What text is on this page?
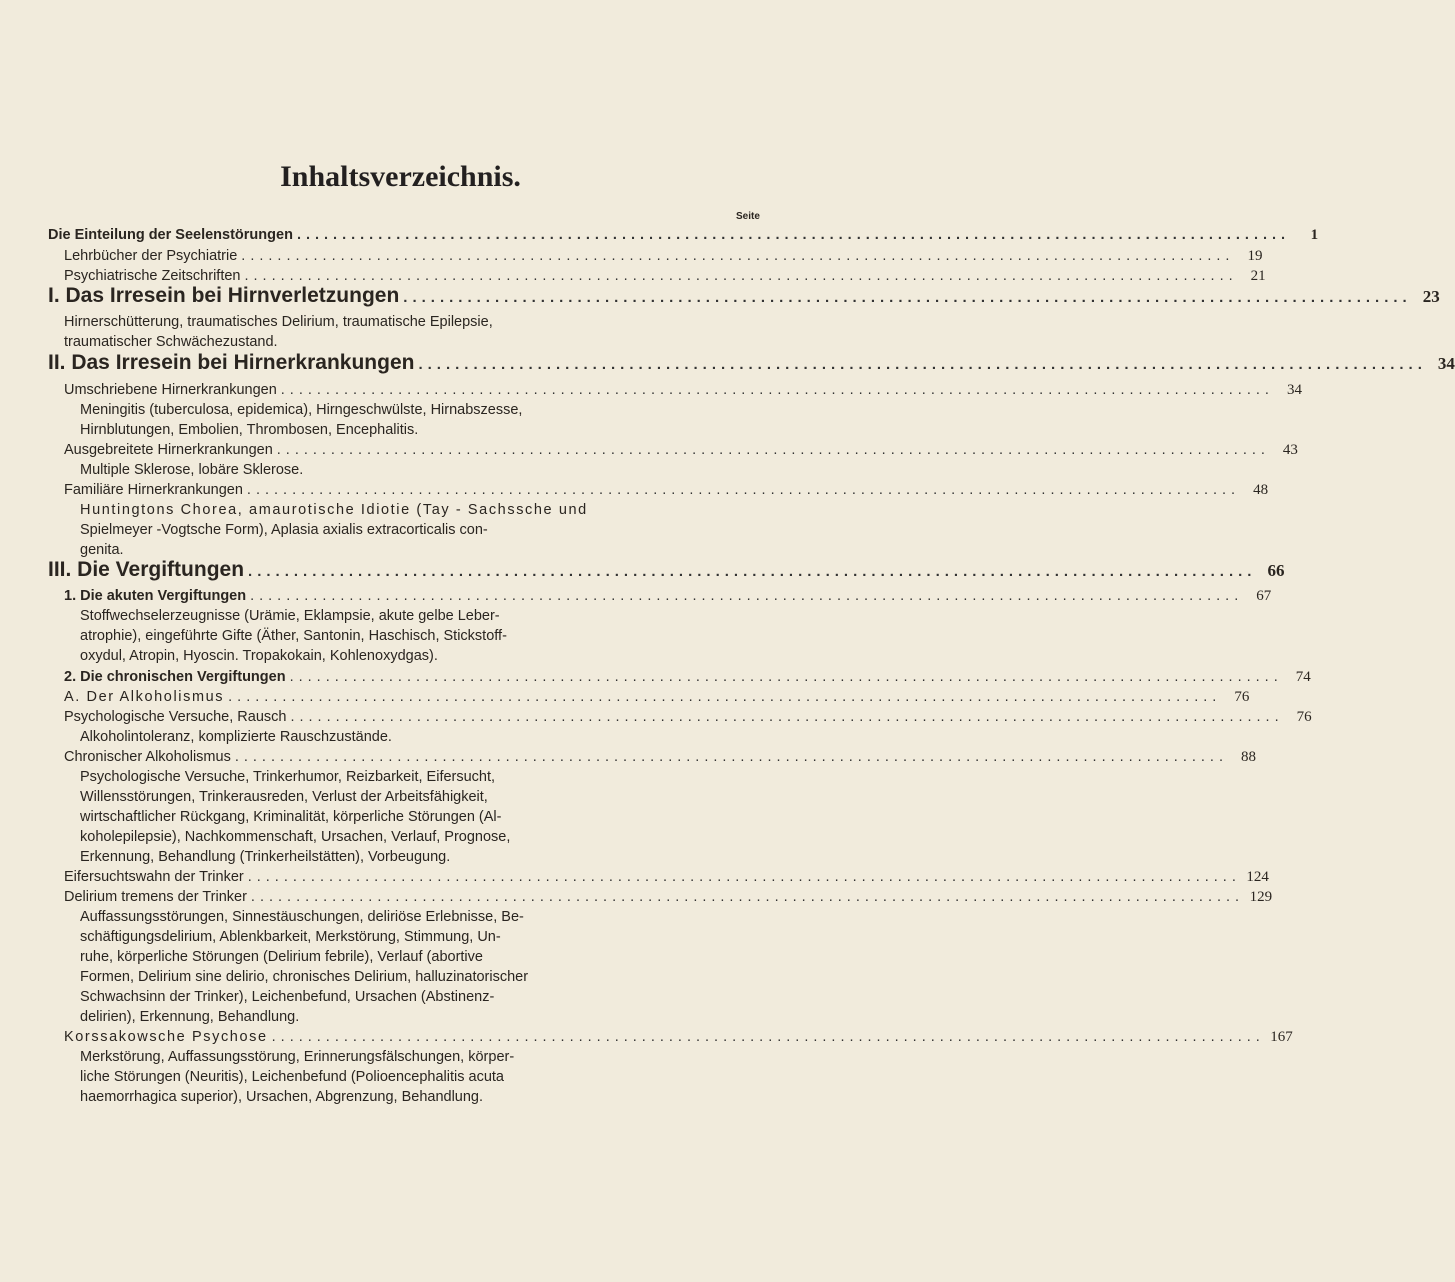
Inhaltsverzeichnis.
Seite
Die Einteilung der Seelenstörungen ..............................................................................................................	1
Lehrbücher der Psychiatrie .............................................................................................................. 19
Psychiatrische Zeitschriften .............................................................................................................. 21
I. Das Irresein bei Hirnverletzungen .............................................................................................................. 23
Hirnerschütterung, traumatisches Delirium, traumatische Epilepsie,
traumatischer Schwächezustand.
II. Das Irresein bei Hirnerkrankungen .............................................................................................................. 34
Umschriebene Hirnerkrankungen .............................................................................................................. 34
Meningitis (tuberculosa, epidemica), Hirngeschwülste, Hirnabszesse,
Hirnblutungen, Embolien, Thrombosen, Encephalitis.
Ausgebreitete Hirnerkrankungen .............................................................................................................. 43
Multiple Sklerose, lobäre Sklerose.
Familiäre Hirnerkrankungen .............................................................................................................. 48
Huntingtons Chorea, amaurotische Idiotie (Tay - Sachssche und
Spielmeyer -Vogtsche Form), Aplasia axialis extracorticalis con-
genita.
III. Die Vergiftungen .............................................................................................................. 66
1. Die akuten Vergiftungen .............................................................................................................. 67
Stoffwechselerzeugnisse (Urämie, Eklampsie, akute gelbe Leber-
atrophie), eingeführte Gifte (Äther, Santonin, Haschisch, Stickstoff-
oxydul, Atropin, Hyoscin. Tropakokain, Kohlenoxydgas).
2. Die chronischen Vergiftungen .............................................................................................................. 74
A. Der Alkoholismus .............................................................................................................. 76
Psychologische Versuche, Rausch .............................................................................................................. 76
Alkoholintoleranz, komplizierte Rauschzustände.
Chronischer Alkoholismus .............................................................................................................. 88
Psychologische Versuche, Trinkerhumor, Reizbarkeit, Eifersucht,
Willensstörungen, Trinkerausreden, Verlust der Arbeitsfähigkeit,
wirtschaftlicher Rückgang, Kriminalität, körperliche Störungen (Al-
koholepilepsie), Nachkommenschaft, Ursachen, Verlauf, Prognose,
Erkennung, Behandlung (Trinkerheilstätten), Vorbeugung.
Eifersuchtswahn der Trinker .............................................................................................................. 124
Delirium tremens der Trinker .............................................................................................................. 129
Auffassungsstörungen, Sinnestäuschungen, deliriöse Erlebnisse, Be-
schäftigungsdelirium, Ablenkbarkeit, Merkstörung, Stimmung, Un-
ruhe, körperliche Störungen (Delirium febrile), Verlauf (abortive
Formen, Delirium sine delirio, chronisches Delirium, halluzinatorischer
Schwachsinn der Trinker), Leichenbefund, Ursachen (Abstinenz-
delirien), Erkennung, Behandlung.
Korssakowsche Psychose .............................................................................................................. 167
Merkstörung, Auffassungsstörung, Erinnerungsfälschungen, körper-
liche Störungen (Neuritis), Leichenbefund (Polioencephalitis acuta
haemorrhagica superior), Ursachen, Abgrenzung, Behandlung.
